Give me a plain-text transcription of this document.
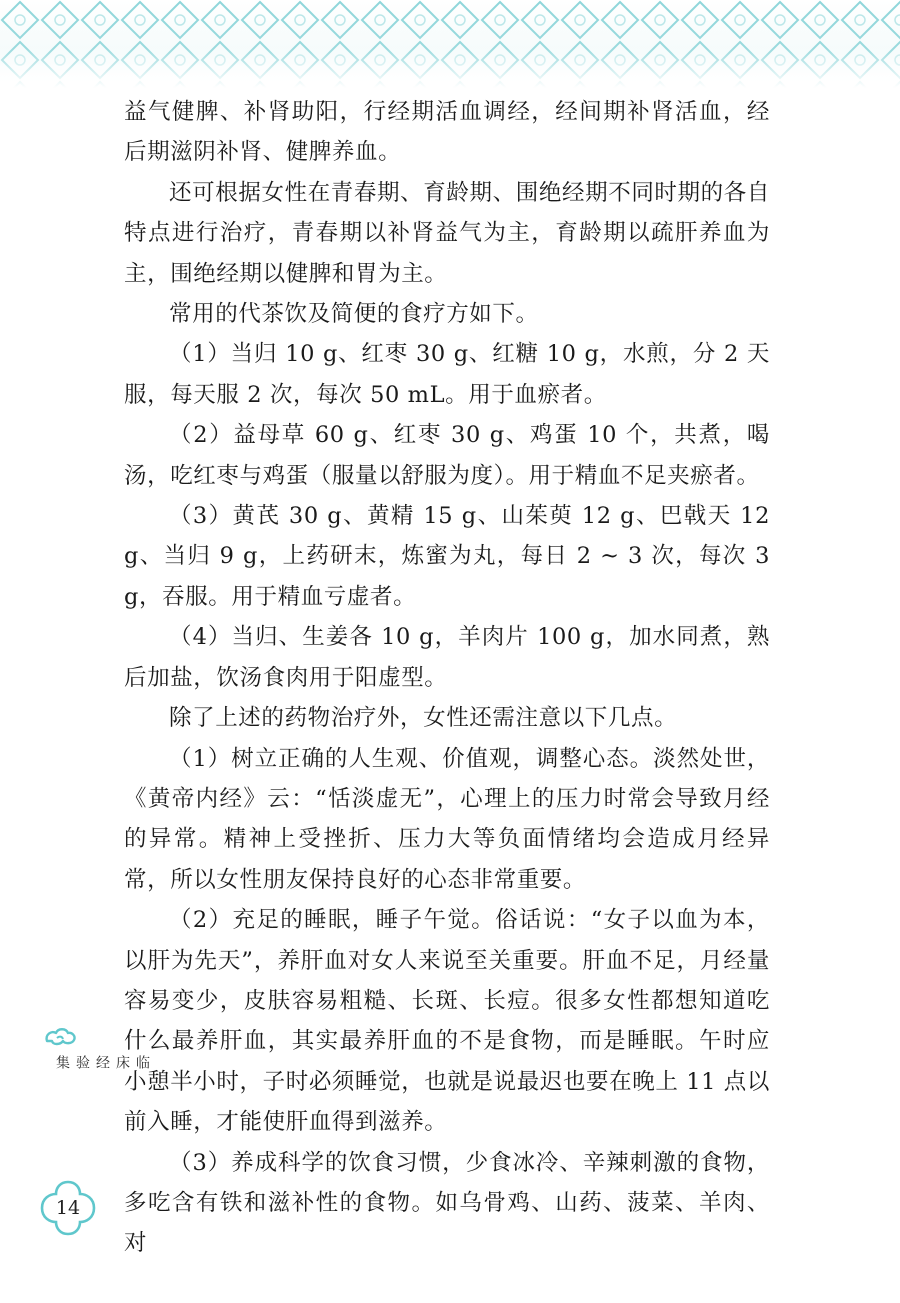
益气健脾、补肾助阳，行经期活血调经，经间期补肾活血，经后期滋阴补肾、健脾养血。

还可根据女性在青春期、育龄期、围绝经期不同时期的各自特点进行治疗，青春期以补肾益气为主，育龄期以疏肝养血为主，围绝经期以健脾和胃为主。

常用的代茶饮及简便的食疗方如下。

（1）当归 10 g、红枣 30 g、红糖 10 g，水煎，分 2 天服，每天服 2 次，每次 50 mL。用于血瘀者。

（2）益母草 60 g、红枣 30 g、鸡蛋 10 个，共煮，喝汤，吃红枣与鸡蛋（服量以舒服为度）。用于精血不足夹瘀者。

（3）黄芪 30 g、黄精 15 g、山茱萸 12 g、巴戟天 12 g、当归 9 g，上药研末，炼蜜为丸，每日 2 ~ 3 次，每次 3 g，吞服。用于精血亏虚者。

（4）当归、生姜各 10 g，羊肉片 100 g，加水同煮，熟后加盐，饮汤食肉用于阳虚型。

除了上述的药物治疗外，女性还需注意以下几点。

（1）树立正确的人生观、价值观，调整心态。淡然处世，《黄帝内经》云：“恬淡虚无”，心理上的压力时常会导致月经的异常。精神上受挫折、压力大等负面情绪均会造成月经异常，所以女性朋友保持良好的心态非常重要。

（2）充足的睡眠，睡子午觉。俗话说：“女子以血为本，以肝为先天”，养肝血对女人来说至关重要。肝血不足，月经量容易变少，皮肤容易粗糙、长斑、长痘。很多女性都想知道吃什么最养肝血，其实最养肝血的不是食物，而是睡眠。午时应小憩半小时，子时必须睡觉，也就是说最迟也要在晚上 11 点以前入睡，才能使肝血得到滋养。

（3）养成科学的饮食习惯，少食冰冷、辛辣刺激的食物，多吃含有铁和滋补性的食物。如乌骨鸡、山药、菠菜、羊肉、对

临床经验集
14
